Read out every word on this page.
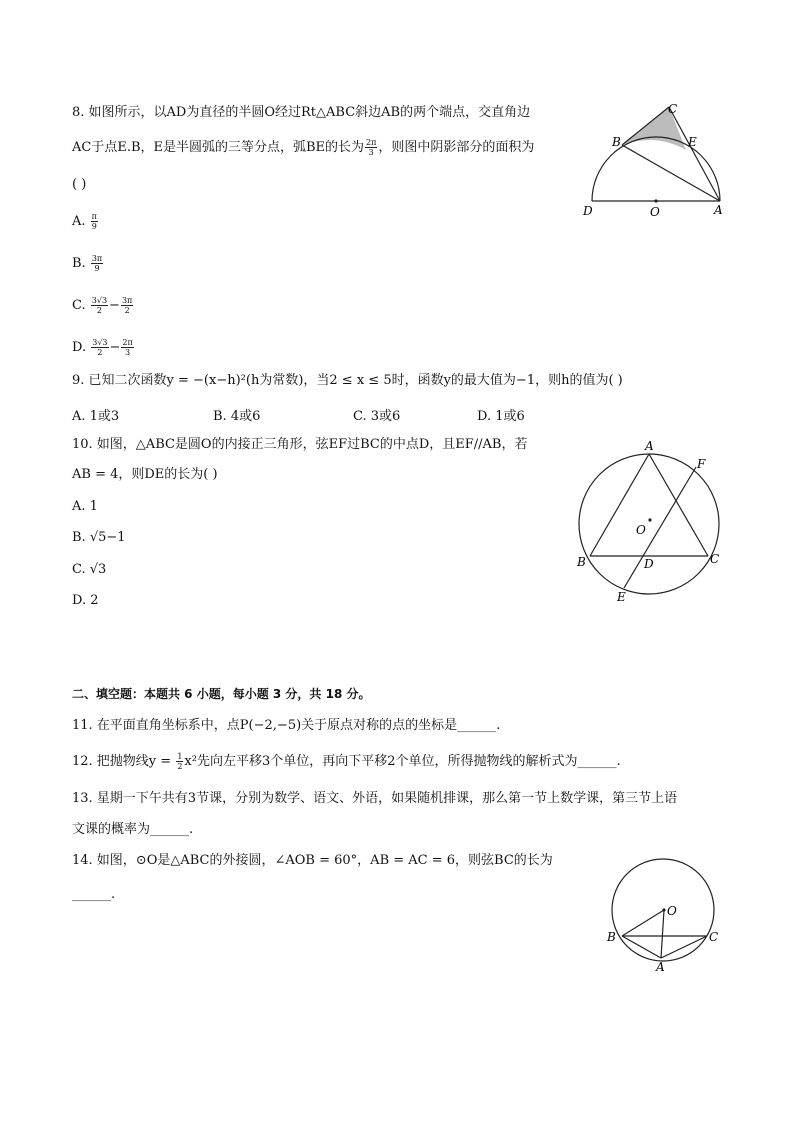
8. 如图所示，以AD为直径的半圆O经过Rt△ABC斜边AB的两个端点，交直角边
AC于点E.B，E是半圆弧的三等分点，弧BE的长为 $\frac{2\pi}{3}$ ，则图中阴影部分的面积为
( )
A. $\frac{\pi}{9}$
B. $\frac{3\pi}{9}$
C. $\frac{3√3}{2} - \frac{3\pi}{2}$
D. $\frac{3√3}{2} - \frac{2\pi}{3}$
C
B	E
D	O	A
9. 已知二次函数y = −(x−h)²(h为常数)，当2 ≤ x ≤ 5时，函数y的最大值为−1，则h的值为( )
A. 1或3	B. 4或6	C. 3或6	D. 1或6
10. 如图，△ABC是圆O的内接正三角形，弦EF过BC的中点D，且EF//AB，若
AB = 4，则DE的长为( )
A. 1
B. √5−1
C. √3
D. 2
A
F
O
B	D	C
E
二、填空题：本题共 6 小题，每小题 3 分，共 18 分。
11. 在平面直角坐标系中，点P(−2,−5)关于原点对称的点的坐标是______.
12. 把抛物线$y = \frac{1}{2} x^2$先向左平移3个单位，再向下平移2个单位，所得抛物线的解析式为______.
13. 星期一下午共有3节课，分别为数学、语文、外语，如果随机排课，那么第一节上数学课，第三节上语
文课的概率为______.
14. 如图，⊙O是△ABC的外接圆，∠AOB = 60°，AB = AC = 6，则弦BC的长为
______.
O
B	C
A
